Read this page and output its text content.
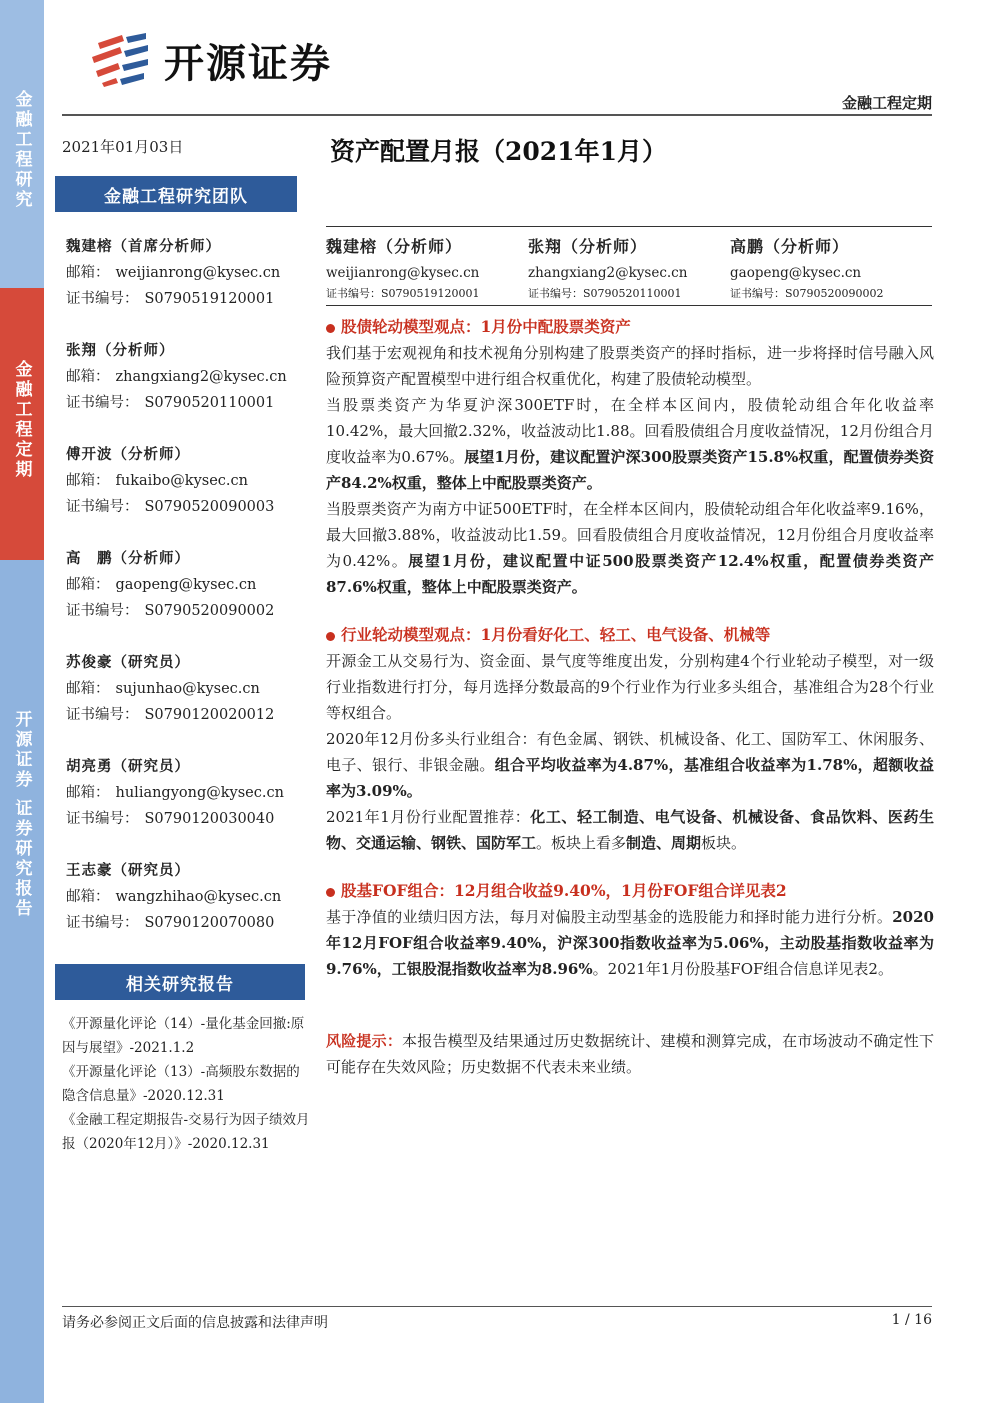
金融工程研究
金融工程定期
开源证券 证券研究报告
开源证券
金融工程定期
2021年01月03日
金融工程研究团队
魏建榕（首席分析师）
邮箱： weijianrong@kysec.cn
证书编号： S0790519120001
张翔（分析师）
邮箱： zhangxiang2@kysec.cn
证书编号： S0790520110001
傅开波（分析师）
邮箱： fukaibo@kysec.cn
证书编号： S0790520090003
高　鹏（分析师）
邮箱： gaopeng@kysec.cn
证书编号： S0790520090002
苏俊豪（研究员）
邮箱： sujunhao@kysec.cn
证书编号： S0790120020012
胡亮勇（研究员）
邮箱： huliangyong@kysec.cn
证书编号： S0790120030040
王志豪（研究员）
邮箱： wangzhihao@kysec.cn
证书编号： S0790120070080
相关研究报告
《开源量化评论（14）-量化基金回撤:原因与展望》-2021.1.2
《开源量化评论（13）-高频股东数据的隐含信息量》-2020.12.31
《金融工程定期报告-交易行为因子绩效月报（2020年12月）》-2020.12.31
资产配置月报（2021年1月）
魏建榕（分析师）
weijianrong@kysec.cn
证书编号：S0790519120001
张翔（分析师）
zhangxiang2@kysec.cn
证书编号：S0790520110001
高鹏（分析师）
gaopeng@kysec.cn
证书编号：S0790520090002
股债轮动模型观点：1月份中配股票类资产

我们基于宏观视角和技术视角分别构建了股票类资产的择时指标，进一步将择时信号融入风险预算资产配置模型中进行组合权重优化，构建了股债轮动模型。

当股票类资产为华夏沪深300ETF时，在全样本区间内，股债轮动组合年化收益率10.42%，最大回撤2.32%，收益波动比1.88。回看股债组合月度收益情况，12月份组合月度收益率为0.67%。展望1月份，建议配置沪深300股票类资产15.8%权重，配置债券类资产84.2%权重，整体上中配股票类资产。

当股票类资产为南方中证500ETF时，在全样本区间内，股债轮动组合年化收益率9.16%，最大回撤3.88%，收益波动比1.59。回看股债组合月度收益情况，12月份组合月度收益率为0.42%。展望1月份，建议配置中证500股票类资产12.4%权重，配置债券类资产87.6%权重，整体上中配股票类资产。

行业轮动模型观点：1月份看好化工、轻工、电气设备、机械等

开源金工从交易行为、资金面、景气度等维度出发，分别构建4个行业轮动子模型，对一级行业指数进行打分，每月选择分数最高的9个行业作为行业多头组合，基准组合为28个行业等权组合。

2020年12月份多头行业组合：有色金属、钢铁、机械设备、化工、国防军工、休闲服务、电子、银行、非银金融。组合平均收益率为4.87%，基准组合收益率为1.78%，超额收益率为3.09%。

2021年1月份行业配置推荐：化工、轻工制造、电气设备、机械设备、食品饮料、医药生物、交通运输、钢铁、国防军工。板块上看多制造、周期板块。

股基FOF组合：12月组合收益9.40%，1月份FOF组合详见表2

基于净值的业绩归因方法，每月对偏股主动型基金的选股能力和择时能力进行分析。2020年12月FOF组合收益率9.40%，沪深300指数收益率为5.06%，主动股基指数收益率为9.76%，工银股混指数收益率为8.96%。2021年1月份股基FOF组合信息详见表2。

风险提示：本报告模型及结果通过历史数据统计、建模和测算完成，在市场波动不确定性下可能存在失效风险；历史数据不代表未来业绩。

请务必参阅正文后面的信息披露和法律声明	1 / 16
